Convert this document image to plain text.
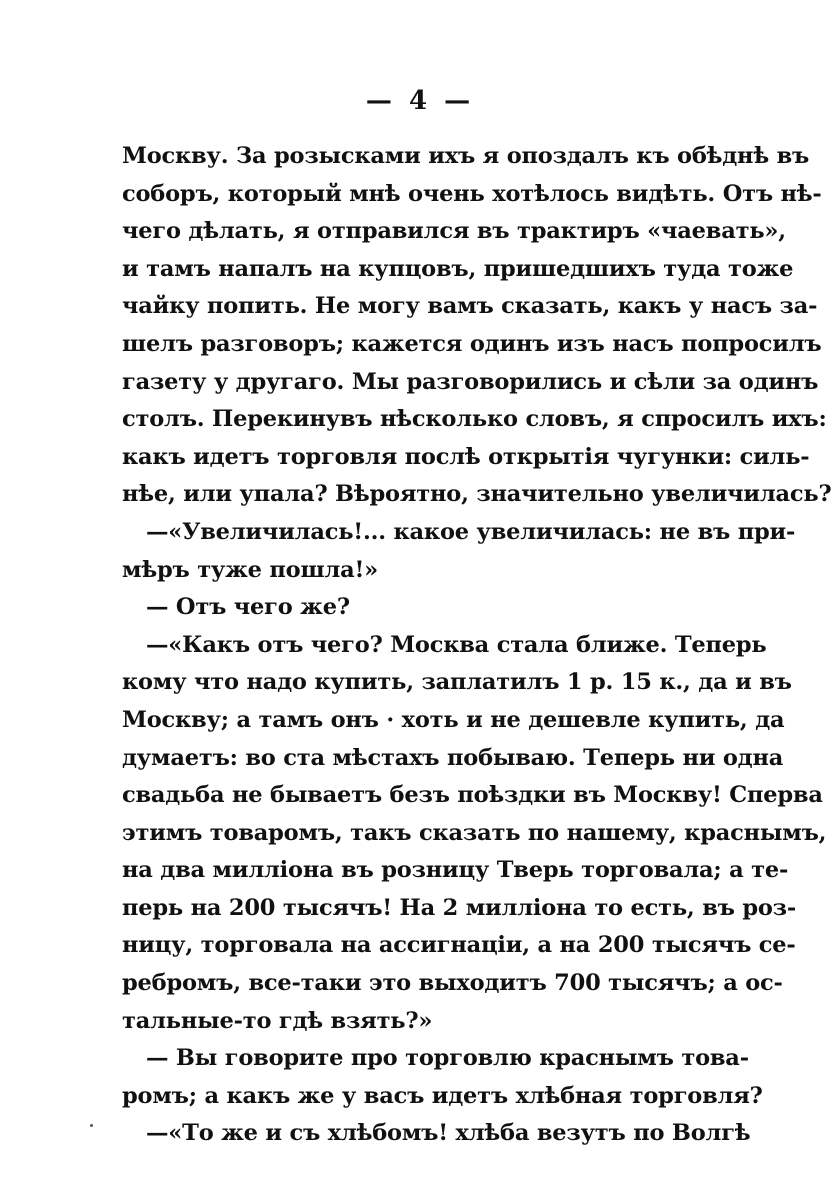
— 4 —
Москву. За розысками ихъ я опоздалъ къ обѣднѣ въ
соборъ, который мнѣ очень хотѣлось видѣть. Отъ нѣ-
чего дѣлать, я отправился въ трактиръ «чаевать»,
и тамъ напалъ на купцовъ, пришедшихъ туда тоже
чайку попить. Не могу вамъ сказать, какъ у насъ за-
шелъ разговоръ; кажется одинъ изъ насъ попросилъ
газету у другаго. Мы разговорились и сѣли за одинъ
столъ. Перекинувъ нѣсколько словъ, я спросилъ ихъ:
какъ идетъ торговля послѣ открытія чугунки: силь-
нѣе, или упала? Вѣроятно, значительно увеличилась?
—«Увеличилась!... какое увеличилась: не въ при-
мѣръ туже пошла!»
— Отъ чего же?
—«Какъ отъ чего? Москва стала ближе. Теперь
кому что надо купить, заплатилъ 1 р. 15 к., да и въ
Москву; а тамъ онъ · хоть и не дешевле купить, да
думаетъ: во ста мѣстахъ побываю. Теперь ни одна
свадьба не бываетъ безъ поѣздки въ Москву! Сперва
этимъ товаромъ, такъ сказать по нашему, краснымъ,
на два милліона въ розницу Тверь торговала; а те-
перь на 200 тысячъ! На 2 милліона то есть, въ роз-
ницу, торговала на ассигнаціи, а на 200 тысячъ се-
ребромъ, все-таки это выходитъ 700 тысячъ; а ос-
тальные-то гдѣ взять?»
— Вы говорите про торговлю краснымъ това-
ромъ; а какъ же у васъ идетъ хлѣбная торговля?
—«То же и съ хлѣбомъ! хлѣба везутъ по Волгѣ
